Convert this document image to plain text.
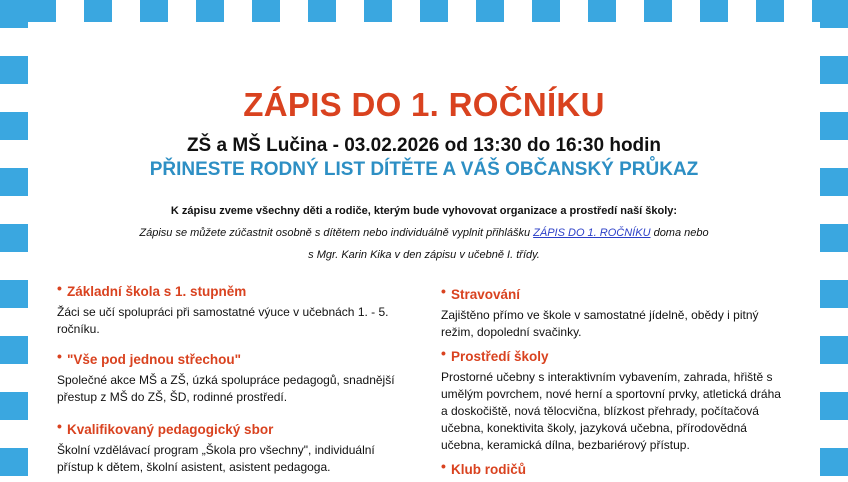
ZÁPIS DO 1. ROČNÍKU
ZŠ a MŠ Lučina - 03.02.2026 od 13:30 do 16:30 hodin
PŘINESTE RODNÝ LIST DÍTĚTE A VÁŠ OBČANSKÝ PRŮKAZ
K zápisu zveme všechny děti a rodiče, kterým bude vyhovovat organizace a prostředí naší školy:
Zápisu se můžete zúčastnit osobně s dítětem nebo individuálně vyplnit přihlášku ZÁPIS DO 1. ROČNÍKU doma nebo
s Mgr. Karin Kika v den zápisu v učebně I. třídy.
• Základní škola s 1. stupněm
Žáci se učí spolupráci při samostatné výuce v učebnách 1. - 5. ročníku.
• "Vše pod jednou střechou"
Společné akce MŠ a ZŠ, úzká spolupráce pedagogů, snadnější přestup z MŠ do ZŠ, ŠD, rodinné prostředí.
• Kvalifikovaný pedagogický sbor
Školní vzdělávací program „Škola pro všechny", individuální přístup k dětem, školní asistent, asistent pedagoga.
• Stravování
Zajištěno přímo ve škole v samostatné jídelně, obědy i pitný režim, dopolední svačinky.
• Prostředí školy
Prostorné učebny s interaktivním vybavením, zahrada, hřiště s umělým povrchem, nové herní a sportovní prvky, atletická dráha a doskočiště, nová tělocvična, blízkost přehrady, počítačová učebna, konektivita školy, jazyková učebna, přírodovědná učebna, keramická dílna, bezbariérový přístup.
• Klub rodičů
